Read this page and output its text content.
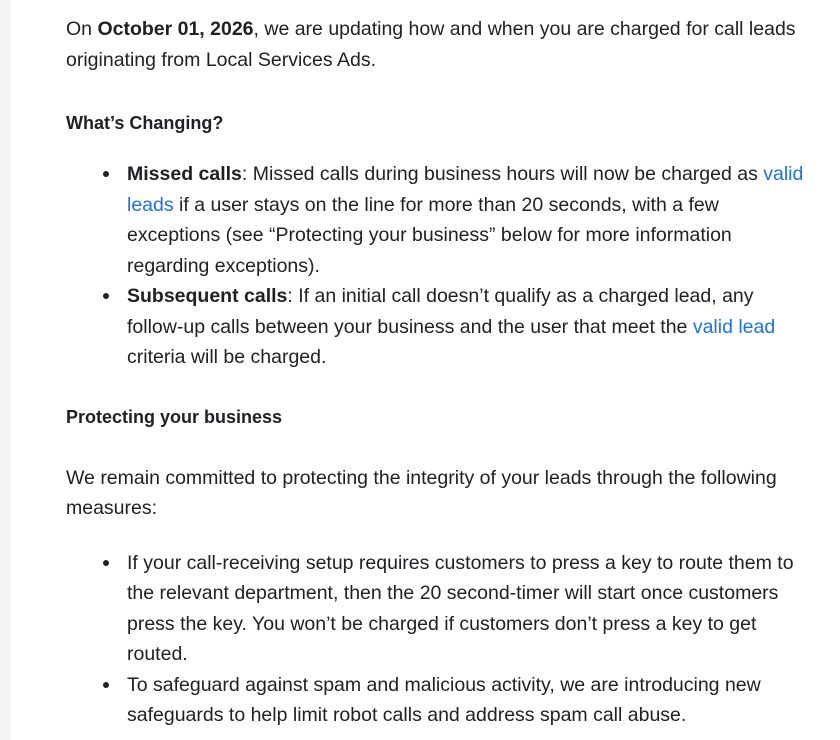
On October 01, 2026, we are updating how and when you are charged for call leads originating from Local Services Ads.

What’s Changing?

Missed calls: Missed calls during business hours will now be charged as valid leads if a user stays on the line for more than 20 seconds, with a few exceptions (see “Protecting your business” below for more information regarding exceptions).
Subsequent calls: If an initial call doesn’t qualify as a charged lead, any follow-up calls between your business and the user that meet the valid lead criteria will be charged.

Protecting your business

We remain committed to protecting the integrity of your leads through the following measures:

If your call-receiving setup requires customers to press a key to route them to the relevant department, then the 20 second-timer will start once customers press the key. You won’t be charged if customers don’t press a key to get routed.
To safeguard against spam and malicious activity, we are introducing new safeguards to help limit robot calls and address spam call abuse.
